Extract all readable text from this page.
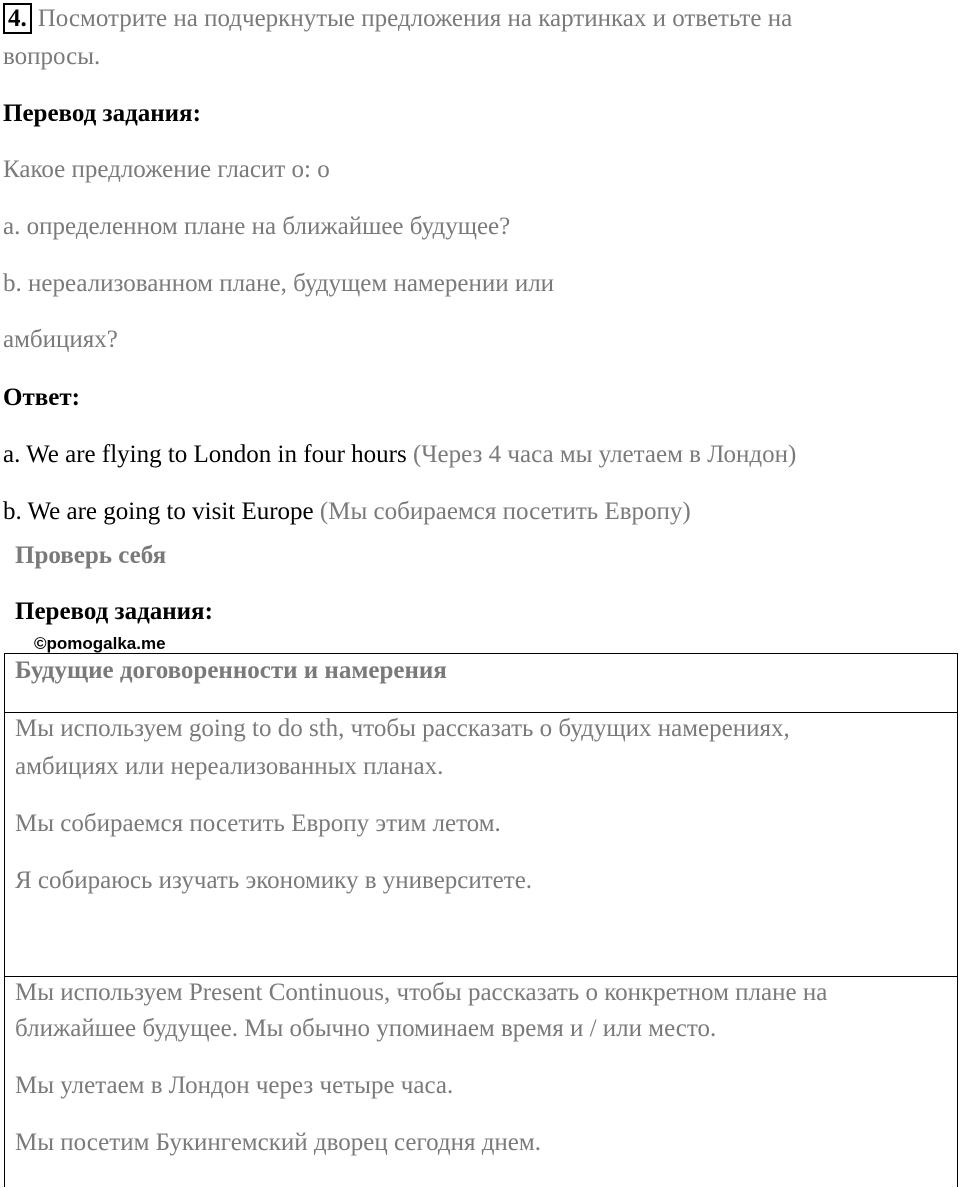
4. Посмотрите на подчеркнутые предложения на картинках и ответьте на
вопросы.
Перевод задания:
Какое предложение гласит о: о
a. определенном плане на ближайшее будущее?
b. нереализованном плане, будущем намерении или
амбициях?
Ответ:
a. We are flying to London in four hours (Через 4 часа мы улетаем в Лондон)
b. We are going to visit Europe (Мы собираемся посетить Европу)
Проверь себя
Перевод задания:
©pomogalka.me
Будущие договоренности и намерения
Мы используем going to do sth, чтобы рассказать о будущих намерениях,
амбициях или нереализованных планах.
Мы собираемся посетить Европу этим летом.
Я собираюсь изучать экономику в университете.
Мы используем Present Continuous, чтобы рассказать о конкретном плане на
ближайшее будущее. Мы обычно упоминаем время и / или место.
Мы улетаем в Лондон через четыре часа.
Мы посетим Букингемский дворец сегодня днем.
